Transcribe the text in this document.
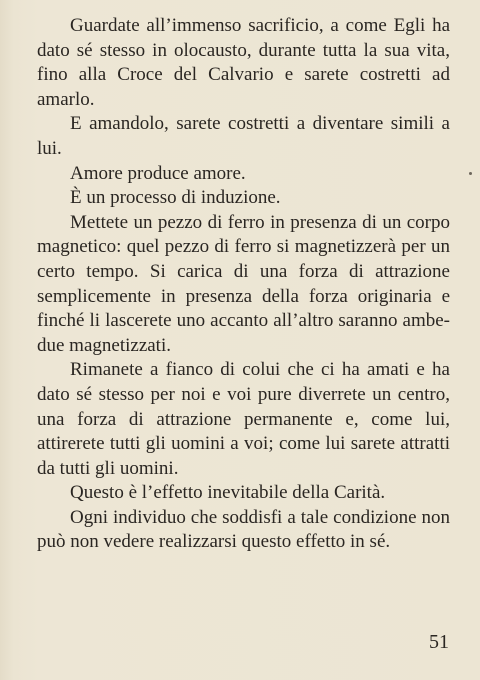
Guardate all’immenso sacrificio, a come Egli ha dato sé stesso in olocausto, durante tutta la sua vita, fino alla Croce del Calvario e sarete costretti ad amarlo.

E amandolo, sarete costretti a diventare simili a lui.

Amore produce amore.

È un processo di induzione.

Mettete un pezzo di ferro in presenza di un corpo magnetico: quel pezzo di ferro si magnetizzerà per un certo tempo. Si carica di una forza di attrazione semplicemente in presenza della forza originaria e finché li lascerete uno accanto all’altro saranno ambedue magnetizzati.

Rimanete a fianco di colui che ci ha amati e ha dato sé stesso per noi e voi pure diverrete un centro, una forza di attrazione permanente e, come lui, attirerete tutti gli uomini a voi; come lui sarete attratti da tutti gli uomini.

Questo è l’effetto inevitabile della Carità.

Ogni individuo che soddisfi a tale condizione non può non vedere realizzarsi questo effetto in sé.

51
